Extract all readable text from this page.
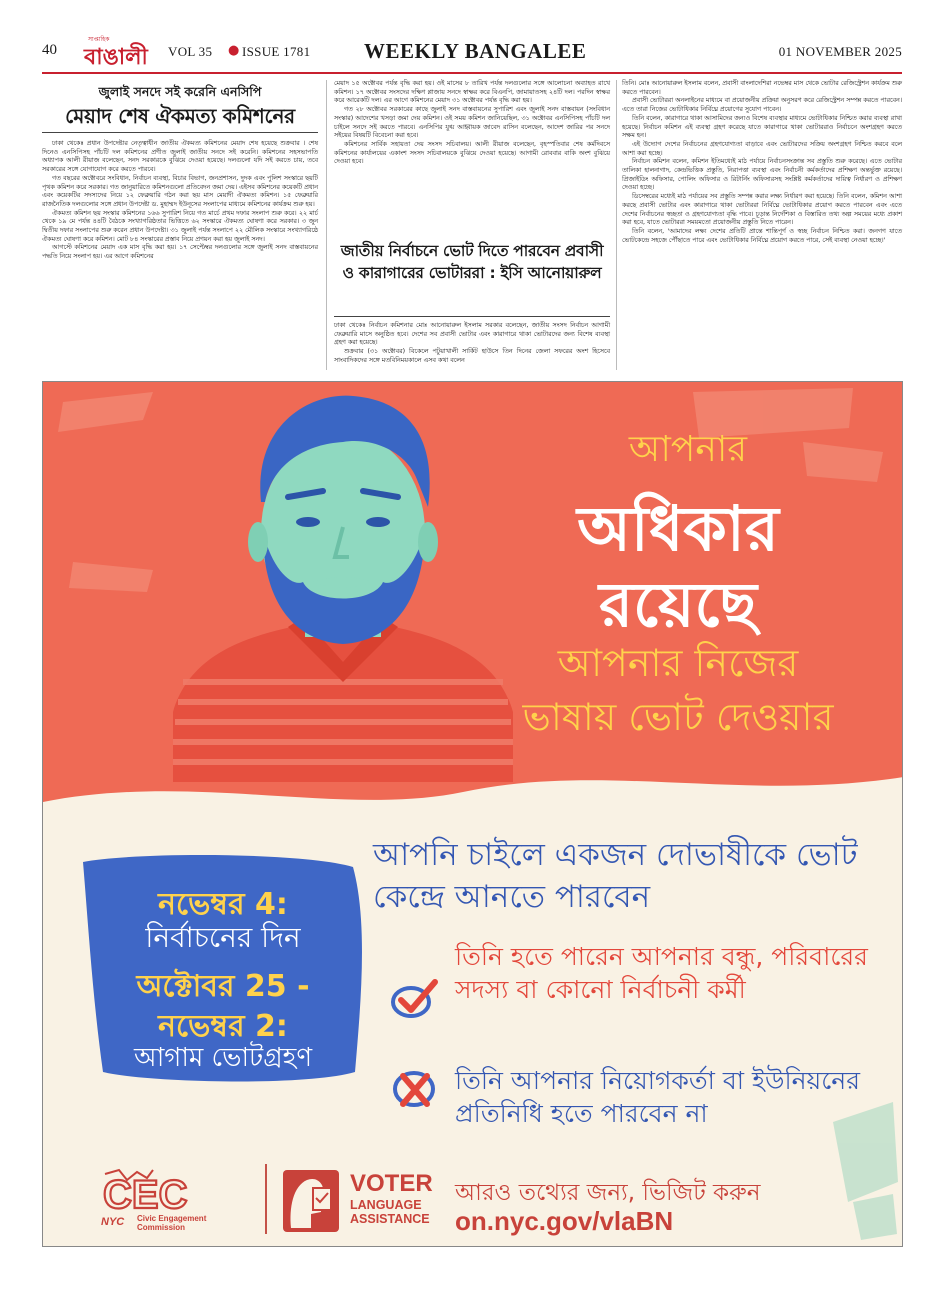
40
সাপ্তাহিক
বাঙালী VOL 35 ● ISSUE 1781	WEEKLY BANGALEE	01 NOVEMBER 2025
জুলাই সনদে সই করেনি এনসিপি
মেয়াদ শেষ ঐকমত্য কমিশনের

ঢাকা থেকেঃ প্রধান উপদেষ্টার নেতৃত্বাধীন জাতীয় ঐকমত্য কমিশনের মেয়াদ শেষ হয়েছে শুক্রবার । শেষ দিনেও এনসিপিসহ পাঁচটি দল কমিশনের প্রণীত জুলাই জাতীয় সনদে সই করেনি। কমিশনের সহসভাপতি অধ্যাপক আলী রীয়াজ বলেছেন, সনদ সরকারকে বুঝিয়ে দেওয়া হয়েছে। দলগুলো যদি সই করতে চায়, তবে সরকারের সঙ্গে যোগাযোগ করে করতে পারবে।

গত বছরের অক্টোবরে সংবিধান, নির্বাচন ব্যবস্থা, বিচার বিভাগ, জনপ্রশাসন, দুদক এবং পুলিশ সংস্কারে ছয়টি পৃথক কমিশন করে সরকার। গত জানুয়ারিতে কমিশনগুলো প্রতিবেদন জমা দেয়। এইসব কমিশনের কয়েকটি প্রধান এবং কয়েকটির সদস্যদের নিয়ে ১২ ফেব্রুয়ারি গঠন করা ছয় মাস মেয়াদী ঐকমত্য কমিশন। ১৫ ফেব্রুয়ারি রাজনৈতিক দলগুলোর সঙ্গে প্রধান উপদেষ্টা ড. মুহাম্মদ ইউনূসের সংলাপের মাধ্যমে কমিশনের কার্যক্রম শুরু হয়।

ঐকমত্য কমিশন ছয় সংস্কার কমিশনের ১৬৬ সুপারিশ নিয়ে গত মার্চে প্রথম দফার সংলাপ শুরু করে। ২২ মার্চ থেকে ১৯ মে পর্যন্ত ৪৪টি বৈঠকে সংখ্যাগরিষ্ঠতার ভিত্তিতে ৬২ সংস্কারে ঐকমত্য ঘোষণা করে সরকার। ৩ জুন দ্বিতীয় দফার সংলাপের শুরু করেন প্রধান উপদেষ্টা। ৩১ জুলাই পর্যন্ত সংলাপে ২২ মৌলিক সংস্কারে সংখ্যাগরিষ্ঠে ঐকমত্য ঘোষণা করে কমিশন। মোট ৮৪ সংস্কারের প্রস্তাব নিয়ে প্রণয়ন করা হয় জুলাই সনদ।

আগস্টে কমিশনের মেয়াদ এক মাস বৃদ্ধি করা হয়। ১৭ সেপ্টেম্বর দলগুলোর সঙ্গে জুলাই সনদ বাস্তবায়নের পদ্ধতি নিয়ে সংলাপ হয়। এর আগে কমিশনের

মেয়াদ ১৫ অক্টোবর পর্যন্ত বৃদ্ধি করা হয়। ওই মাসের ৮ তারিখ পর্যন্ত দলগুলোর সঙ্গে আলোচনা অব্যাহত রাখে কমিশন। ১৭ অক্টোবর সংসদের দক্ষিণ প্লাজায় সনদে স্বাক্ষর করে বিএনপি, জামায়াতসহ ২৪টি দল। পরদিন স্বাক্ষর করে আরেকটি দল। এর আগে কমিশনের মেয়াদ ৩১ অক্টোবর পর্যন্ত বৃদ্ধি করা হয়।

গত ২৮ অক্টোবর সরকারের কাছে জুলাই সনদ বাস্তবায়নের সুপারিশ এবং জুলাই সনদ বাস্তবায়ন (সংবিধান সংস্কার) আদেশের খসড়া জমা দেয় কমিশন। ওই সময় কমিশন জানিয়েছিল, ৩১ অক্টোবর এনসিপিসহ পাঁচটি দল চাইলে সনদে সই করতে পারবে। এনসিপির যুগ্ম আহ্বায়ক জাবেদ রাসিন বলেছেন, আদেশ জারির পর সনদে সইয়ের বিষয়টি বিবেচনা করা হবে।

কমিশনের সার্বিক সহায়তা দেয় সংসদ সচিবালয়। আলী রীয়াজ বলেছেন, বৃহস্পতিবার শেষ কর্মদিবসে কমিশনের কার্যালয়ের একাংশ সংসদ সচিবালয়কে বুঝিয়ে দেওয়া হয়েছে। আগামী রোববার বাকি অংশ বুঝিয়ে দেওয়া হবে।

জাতীয় নির্বাচনে ভোট দিতে পারবেন প্রবাসী ও কারাগারের ভোটাররা : ইসি আনোয়ারুল

ঢাকা থেকেঃ নির্বাচন কমিশনার মোঃ আনোয়ারুল ইসলাম সরকার বলেছেন, জাতীয় সংসদ নির্বাচন আগামী ফেব্রুয়ারি মাসে অনুষ্ঠিত হবে। দেশের সব প্রবাসী ভোটার এবং কারাগারে থাকা ভোটারদের জন্য বিশেষ ব্যবস্থা গ্রহণ করা হয়েছে।

শুক্রবার (৩১ অক্টোবর) বিকেলে পটুয়াখালী সার্কিট হাউসে তিন দিনের জেলা সফরের অংশ হিসেবে সাংবাদিকদের সঙ্গে মতবিনিময়কালে এসব কথা বলেন

তিনি। মোঃ আনোয়ারুল ইসলাম বলেন, প্রবাসী বাংলাদেশিরা নভেম্বর মাস থেকে ভোটার রেজিস্ট্রেশন কার্যক্রম শুরু করতে পারবেন।

প্রবাসী ভোটাররা অনলাইনের মাধ্যমে বা প্রয়োজনীয় প্রক্রিয়া অনুসরণ করে রেজিস্ট্রেশন সম্পন্ন করতে পারবেন। এতে তারা নিজের ভোটাধিকার নির্বিঘ্নে প্রয়োগের সুযোগ পাবেন।

তিনি বলেন, কারাগারে থাকা আসামিদের জন্যও বিশেষ ব্যবস্থার মাধ্যমে ভোটাধিকার নিশ্চিত করার ব্যবস্থা রাখা হয়েছে। নির্বাচন কমিশন এই ব্যবস্থা গ্রহণ করেছে যাতে কারাগারে থাকা ভোটাররাও নির্বাচনে অংশগ্রহণ করতে সক্ষম হন।

এই উদ্যোগ দেশের নির্বাচনের গ্রহণযোগ্যতা বাড়াবে এবং ভোটারদের সক্রিয় অংশগ্রহণ নিশ্চিত করবে বলে আশা করা হচ্ছে।

নির্বাচন কমিশন বলেন, কমিশন ইতিমধ্যেই মাঠ পর্যায়ে নির্বাচনসংক্রান্ত সব প্রস্তুতি শুরু করেছে। এতে ভোটার তালিকা হালনাগাদ, কেন্দ্রভিত্তিক প্রস্তুতি, নিরাপত্তা ব্যবস্থা এবং নির্বাচনী কর্মকর্তাদের প্রশিক্ষণ অন্তর্ভুক্ত রয়েছে। প্রিজাইডিং অফিসার, পোলিং অফিসার ও রিটার্নিং অফিসারসহ সংশ্লিষ্ট কর্মকর্তাদের দায়িত্ব নির্ধারণ ও প্রশিক্ষণ দেওয়া হচ্ছে।

ডিসেম্বরের মধ্যেই মাঠ পর্যায়ের সব প্রস্তুতি সম্পন্ন করার লক্ষ্য নির্ধারণ করা হয়েছে। তিনি বলেন, কমিশন আশা করছে প্রবাসী ভোটার এবং কারাগারে থাকা ভোটাররা নির্বিঘ্নে ভোটাধিকার প্রয়োগ করতে পারবেন এবং এতে দেশের নির্বাচনের স্বচ্ছতা ও গ্রহণযোগ্যতা বৃদ্ধি পাবে। চূড়ান্ত নির্দেশিকা ও বিস্তারিত তথ্য অল্প সময়ের মধ্যে প্রকাশ করা হবে, যাতে ভোটাররা সময়মতো প্রয়োজনীয় প্রস্তুতি নিতে পারেন।

তিনি বলেন, 'আমাদের লক্ষ্য দেশের প্রতিটি প্রান্তে শান্তিপূর্ণ ও স্বচ্ছ নির্বাচন নিশ্চিত করা। জনগণ যাতে ভোটকেন্দ্রে সহজে পৌঁছাতে পারে এবং ভোটাধিকার নির্বিঘ্নে প্রয়োগ করতে পারে, সেই ব্যবস্থা নেওয়া হচ্ছে।'

আপনার
অধিকার
রয়েছে
আপনার নিজের
ভাষায় ভোট দেওয়ার
আপনি চাইলে একজন দোভাষীকে ভোট কেন্দ্রে আনতে পারবেন
নভেম্বর 4:
নির্বাচনের দিন
অক্টোবর 25 -
নভেম্বর 2:
আগাম ভোটগ্রহণ
তিনি হতে পারেন আপনার বন্ধু, পরিবারের সদস্য বা কোনো নির্বাচনী কর্মী
তিনি আপনার নিয়োগকর্তা বা ইউনিয়নের প্রতিনিধি হতে পারবেন না
CEC
NYC Civic Engagement Commission
VOTER
LANGUAGE ASSISTANCE
আরও তথ্যের জন্য, ভিজিট করুন
on.nyc.gov/vlaBN
